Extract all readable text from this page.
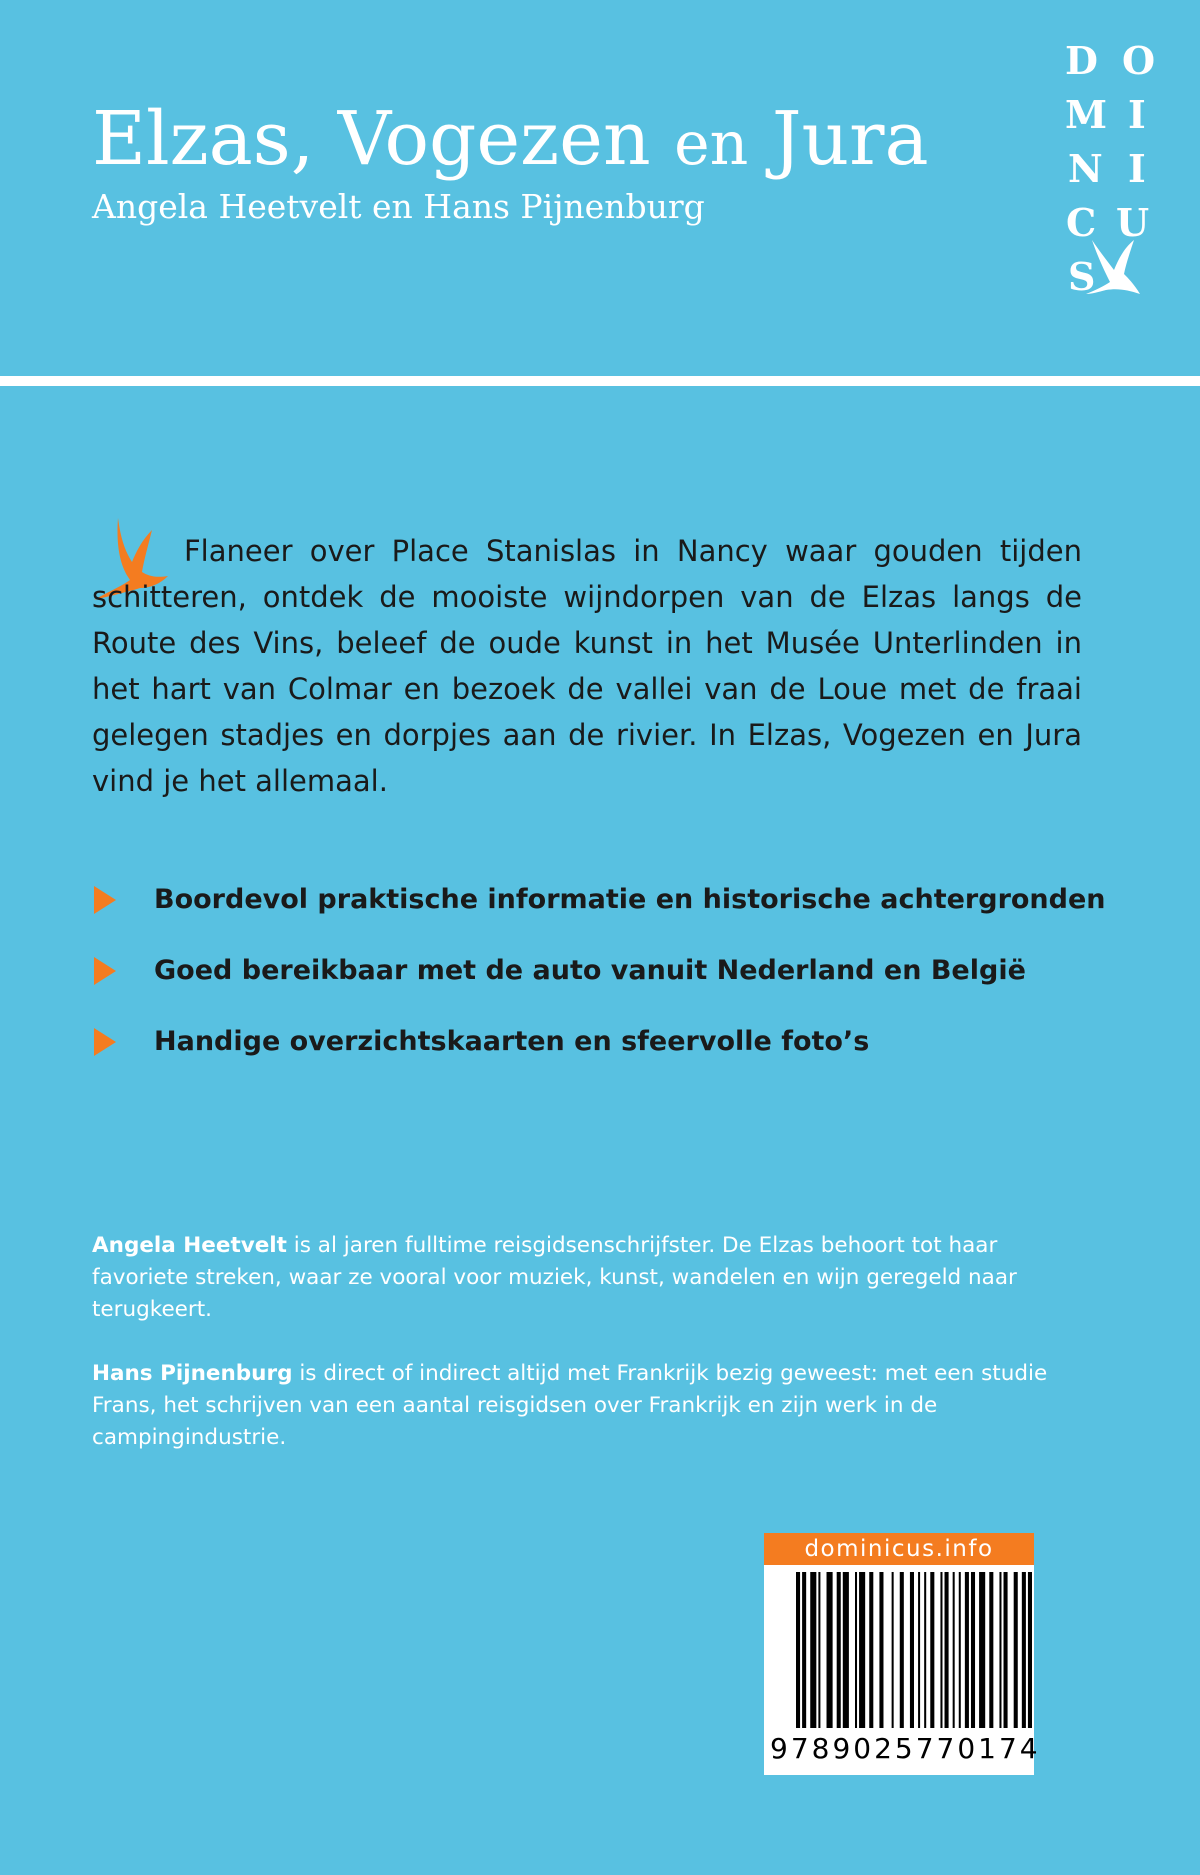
Elzas, Vogezen en Jura
Angela Heetvelt en Hans Pijnenburg
D O
M I
N I
C U
S

Flaneer over Place Stanislas in Nancy waar gouden tijden schitteren, ontdek de mooiste wijndorpen van de Elzas langs de Route des Vins, beleef de oude kunst in het Musée Unterlinden in het hart van Colmar en bezoek de vallei van de Loue met de fraai gelegen stadjes en dorpjes aan de rivier. In Elzas, Vogezen en Jura vind je het allemaal.

Boordevol praktische informatie en historische achtergronden
Goed bereikbaar met de auto vanuit Nederland en België
Handige overzichtskaarten en sfeervolle foto’s

Angela Heetvelt is al jaren fulltime reisgidsenschrijfster. De Elzas behoort tot haar favoriete streken, waar ze vooral voor muziek, kunst, wandelen en wijn geregeld naar terugkeert.

Hans Pijnenburg is direct of indirect altijd met Frankrijk bezig geweest: met een studie Frans, het schrijven van een aantal reisgidsen over Frankrijk en zijn werk in de campingindustrie.

dominicus.info
9789025770174
